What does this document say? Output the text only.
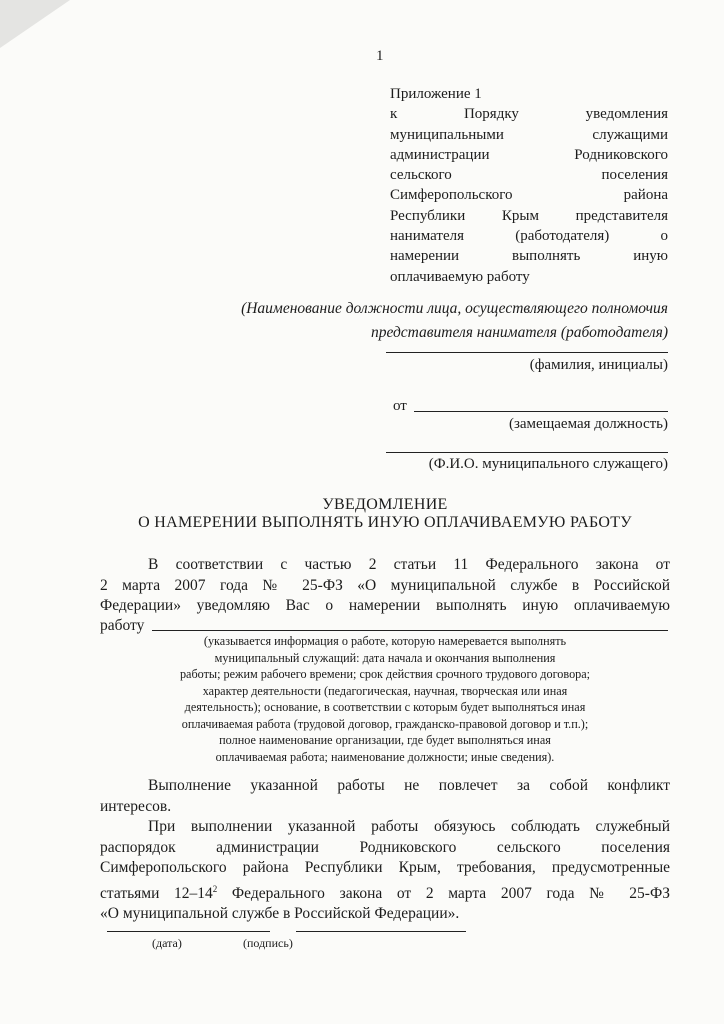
1
Приложение 1
к Порядку уведомления
муниципальными служащими
администрации Родниковского
сельского поселения
Симферопольского района
Республики Крым представителя
нанимателя (работодателя) о
намерении выполнять иную
оплачиваемую работу
(Наименование должности лица, осуществляющего полномочия
представителя нанимателя (работодателя)
(фамилия, инициалы)
от
(замещаемая должность)
(Ф.И.О. муниципального служащего)
УВЕДОМЛЕНИЕ
О НАМЕРЕНИИ ВЫПОЛНЯТЬ ИНУЮ ОПЛАЧИВАЕМУЮ РАБОТУ
В соответствии с частью 2 статьи 11 Федерального закона от
2 марта 2007 года № 25-ФЗ «О муниципальной службе в Российской
Федерации» уведомляю Вас о намерении выполнять иную оплачиваемую
работу
(указывается информация о работе, которую намеревается выполнять
муниципальный служащий: дата начала и окончания выполнения
работы; режим рабочего времени; срок действия срочного трудового договора;
характер деятельности (педагогическая, научная, творческая или иная
деятельность); основание, в соответствии с которым будет выполняться иная
оплачиваемая работа (трудовой договор, гражданско-правовой договор и т.п.);
полное наименование организации, где будет выполняться иная
оплачиваемая работа; наименование должности; иные сведения).
Выполнение указанной работы не повлечет за собой конфликт
интересов.
При выполнении указанной работы обязуюсь соблюдать служебный
распорядок администрации Родниковского сельского поселения
Симферопольского района Республики Крым, требования, предусмотренные
статьями $12-14^2$ Федерального закона от 2 марта 2007 года № 25-ФЗ
«О муниципальной службе в Российской Федерации».
(дата)	(подпись)
